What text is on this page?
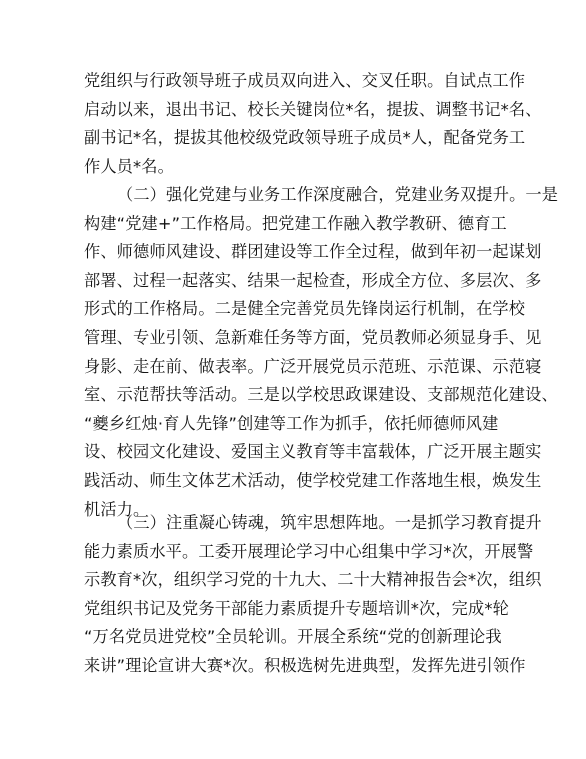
党组织与行政领导班子成员双向进入、交叉任职。自试点工作
启动以来，退出书记、校长关键岗位*名，提拔、调整书记*名、
副书记*名，提拔其他校级党政领导班子成员*人，配备党务工
作人员*名。
（二）强化党建与业务工作深度融合，党建业务双提升。一是
构建“党建+”工作格局。把党建工作融入教学教研、德育工
作、师德师风建设、群团建设等工作全过程，做到年初一起谋划
部署、过程一起落实、结果一起检查，形成全方位、多层次、多
形式的工作格局。二是健全完善党员先锋岗运行机制，在学校
管理、专业引领、急新难任务等方面，党员教师必须显身手、见
身影、走在前、做表率。广泛开展党员示范班、示范课、示范寝
室、示范帮扶等活动。三是以学校思政课建设、支部规范化建设、
“夔乡红烛·育人先锋”创建等工作为抓手，依托师德师风建
设、校园文化建设、爱国主义教育等丰富载体，广泛开展主题实
践活动、师生文体艺术活动，使学校党建工作落地生根，焕发生
机活力。
（三）注重凝心铸魂，筑牢思想阵地。一是抓学习教育提升
能力素质水平。工委开展理论学习中心组集中学习*次，开展警
示教育*次，组织学习党的十九大、二十大精神报告会*次，组织
党组织书记及党务干部能力素质提升专题培训*次，完成*轮
“万名党员进党校”全员轮训。开展全系统“党的创新理论我
来讲”理论宣讲大赛*次。积极选树先进典型，发挥先进引领作
